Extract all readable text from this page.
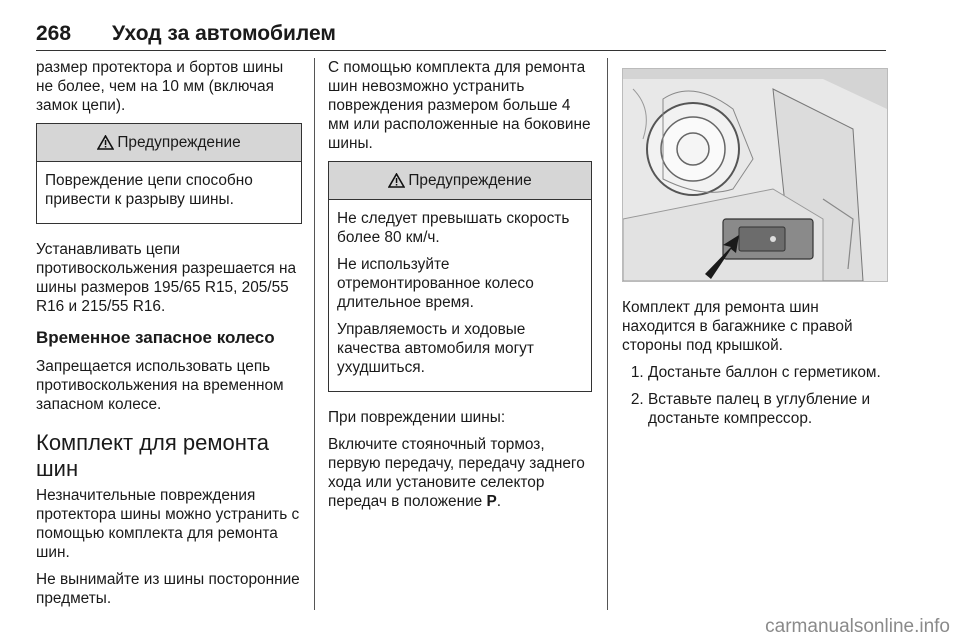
268 Уход за автомобилем

размер протектора и бортов шины не более, чем на 10 мм (включая замок цепи).

Предупреждение

Повреждение цепи способно привести к разрыву шины.

Устанавливать цепи противоскольжения разрешается на шины размеров 195/65 R15, 205/55 R16 и 215/55 R16.

Временное запасное колесо

Запрещается использовать цепь противоскольжения на временном запасном колесе.

Комплект для ремонта шин

Незначительные повреждения протектора шины можно устранить с помощью комплекта для ремонта шин.

Не вынимайте из шины посторонние предметы.

С помощью комплекта для ремонта шин невозможно устранить повреждения размером больше 4 мм или расположенные на боковине шины.

Предупреждение

Не следует превышать скорость более 80 км/ч.

Не используйте отремонтированное колесо длительное время.

Управляемость и ходовые качества автомобиля могут ухудшиться.

При повреждении шины:

Включите стояночный тормоз, первую передачу, передачу заднего хода или установите селектор передач в положение P.

Комплект для ремонта шин находится в багажнике с правой стороны под крышкой.

1. Достаньте баллон с герметиком.
2. Вставьте палец в углубление и достаньте компрессор.
carmanualsonline.info
